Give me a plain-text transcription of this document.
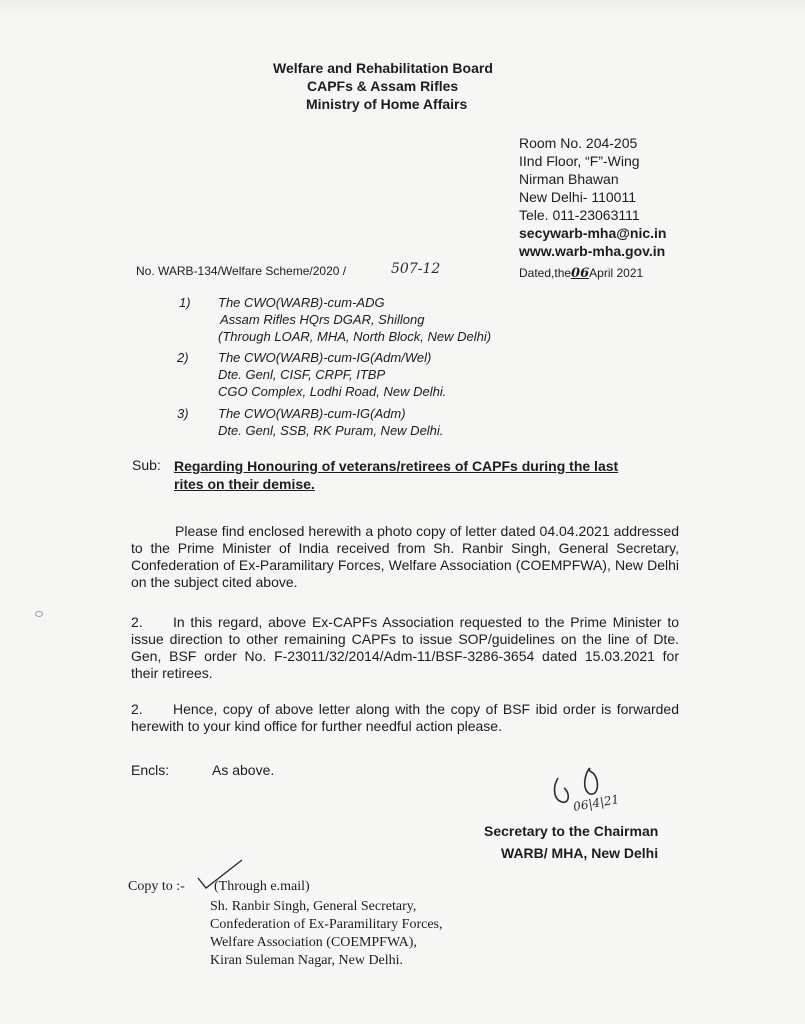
Welfare and Rehabilitation Board
CAPFs & Assam Rifles
Ministry of Home Affairs
Room No. 204-205
IInd Floor, “F”-Wing
Nirman Bhawan
New Delhi- 110011
Tele. 011-23063111
secywarb-mha@nic.in
www.warb-mha.gov.in
No. WARB-134/Welfare Scheme/2020 /	507-12	Dated,the06April 2021
1) The CWO(WARB)-cum-ADG
Assam Rifles HQrs DGAR, Shillong
(Through LOAR, MHA, North Block, New Delhi)
2) The CWO(WARB)-cum-IG(Adm/Wel)
Dte. Genl, CISF, CRPF, ITBP
CGO Complex, Lodhi Road, New Delhi.
3) The CWO(WARB)-cum-IG(Adm)
Dte. Genl, SSB, RK Puram, New Delhi.
Sub: Regarding Honouring of veterans/retirees of CAPFs during the last
rites on their demise.
Please find enclosed herewith a photo copy of letter dated 04.04.2021 addressed to the Prime Minister of India received from Sh. Ranbir Singh, General Secretary, Confederation of Ex-Paramilitary Forces, Welfare Association (COEMPFWA), New Delhi on the subject cited above.
2.	In this regard, above Ex-CAPFs Association requested to the Prime Minister to issue direction to other remaining CAPFs to issue SOP/guidelines on the line of Dte. Gen, BSF order No. F-23011/32/2014/Adm-11/BSF-3286-3654 dated 15.03.2021 for their retirees.
2.	Hence, copy of above letter along with the copy of BSF ibid order is forwarded herewith to your kind office for further needful action please.
Encls:	As above.
06|4|21
Secretary to the Chairman
WARB/ MHA, New Delhi
Copy to :- (Through e.mail)
Sh. Ranbir Singh, General Secretary,
Confederation of Ex-Paramilitary Forces,
Welfare Association (COEMPFWA),
Kiran Suleman Nagar, New Delhi.
